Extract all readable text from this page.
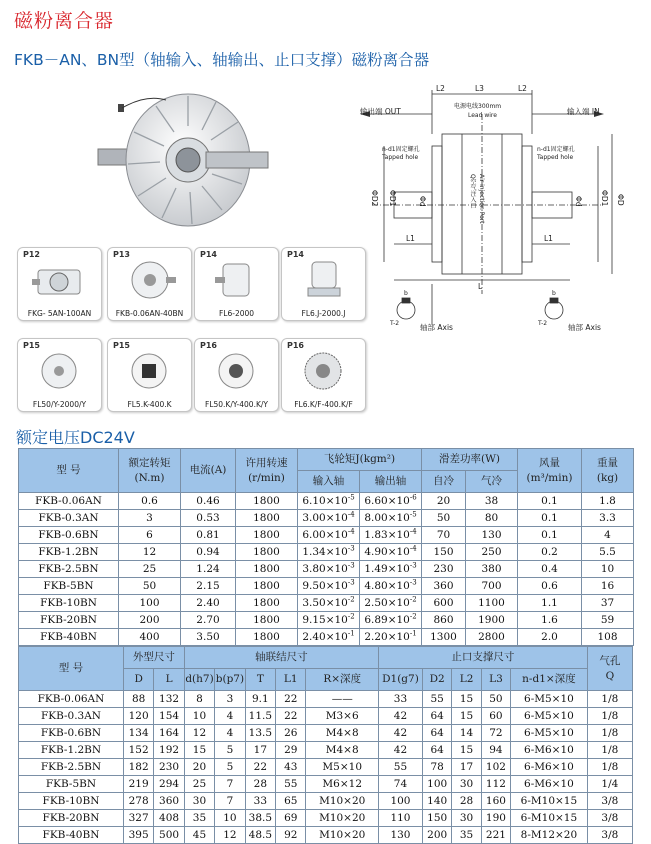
磁粉离合器
FKB－AN、BN型（轴输入、轴输出、止口支撑）磁粉离合器
P12
FKG- 5AN-100AN
P13
FKB-0.06AN-40BN
P14
FL6-2000
P14
FL6.J-2000.J
P15
FL50/Y-2000/Y
P15
FL5.K-400.K
P16
FL50.K/Y-400.K/Y
P16
FL6.K/F-400.K/F
输出端 OUT	输入端 IN
电源电线300mm
Lead wire
n-d1固定螺孔
Tapped hole
n-d1固定螺孔
Tapped hole
Q空气注入口 Air injection Port
轴部 Axis	轴部 Axis
L2	L3	L2
ΦD2 ΦD1	Φd	Φd ΦD1 ΦD
L1	L1
L
T-2
b
T-2
b
额定电压DC24V
型 号	额定转矩
(N.m)	电流(A)	许用转速
(r/min)	飞轮矩J(kgm²)		滑差功率(W)		风量
(m³/min)	重量
(kg)
				输入轴	输出轴	自冷	气冷		
FKB-0.06AN	0.6	0.46	1800	$6.10\times 10^{-5}$	$6.60\times 10^{-6}$	20	38	0.1	1.8
FKB-0.3AN	3	0.53	1800	$3.00\times 10^{-4}$	$8.00\times 10^{-5}$	50	80	0.1	3.3
FKB-0.6BN	6	0.81	1800	$6.00\times 10^{-4}$	$1.83\times 10^{-4}$	70	130	0.1	4
FKB-1.2BN	12	0.94	1800	$1.34\times 10^{-3}$	$4.90\times 10^{-4}$	150	250	0.2	5.5
FKB-2.5BN	25	1.24	1800	$3.80\times 10^{-3}$	$1.49\times 10^{-3}$	230	380	0.4	10
FKB-5BN	50	2.15	1800	$9.50\times 10^{-3}$	$4.80\times 10^{-3}$	360	700	0.6	16
FKB-10BN	100	2.40	1800	$3.50\times 10^{-2}$	$2.50\times 10^{-2}$	600	1100	1.1	37
FKB-20BN	200	2.70	1800	$9.15\times 10^{-2}$	$6.89\times 10^{-2}$	860	1900	1.6	59
FKB-40BN	400	3.50	1800	$2.40\times 10^{-1}$	$2.20\times 10^{-1}$	1300	2800	2.0	108
型 号	外型尺寸		轴联结尺寸					止口支撑尺寸					气孔
Q
	D	L	d(h7)	b(p7)	T	L1	R×深度	D1(g7)	D2	L2	L3	n-d1×深度	
FKB-0.06AN	88	132	8	3	9.1	22	——	33	55	15	50	6-M5×10	1/8
FKB-0.3AN	120	154	10	4	11.5	22	M3×6	42	64	15	60	6-M5×10	1/8
FKB-0.6BN	134	164	12	4	13.5	26	M4×8	42	64	14	72	6-M5×10	1/8
FKB-1.2BN	152	192	15	5	17	29	M4×8	42	64	15	94	6-M6×10	1/8
FKB-2.5BN	182	230	20	5	22	43	M5×10	55	78	17	102	6-M6×10	1/8
FKB-5BN	219	294	25	7	28	55	M6×12	74	100	30	112	6-M6×10	1/4
FKB-10BN	278	360	30	7	33	65	M10×20	100	140	28	160	6-M10×15	3/8
FKB-20BN	327	408	35	10	38.5	69	M10×20	110	150	30	190	6-M10×15	3/8
FKB-40BN	395	500	45	12	48.5	92	M10×20	130	200	35	221	8-M12×20	3/8
